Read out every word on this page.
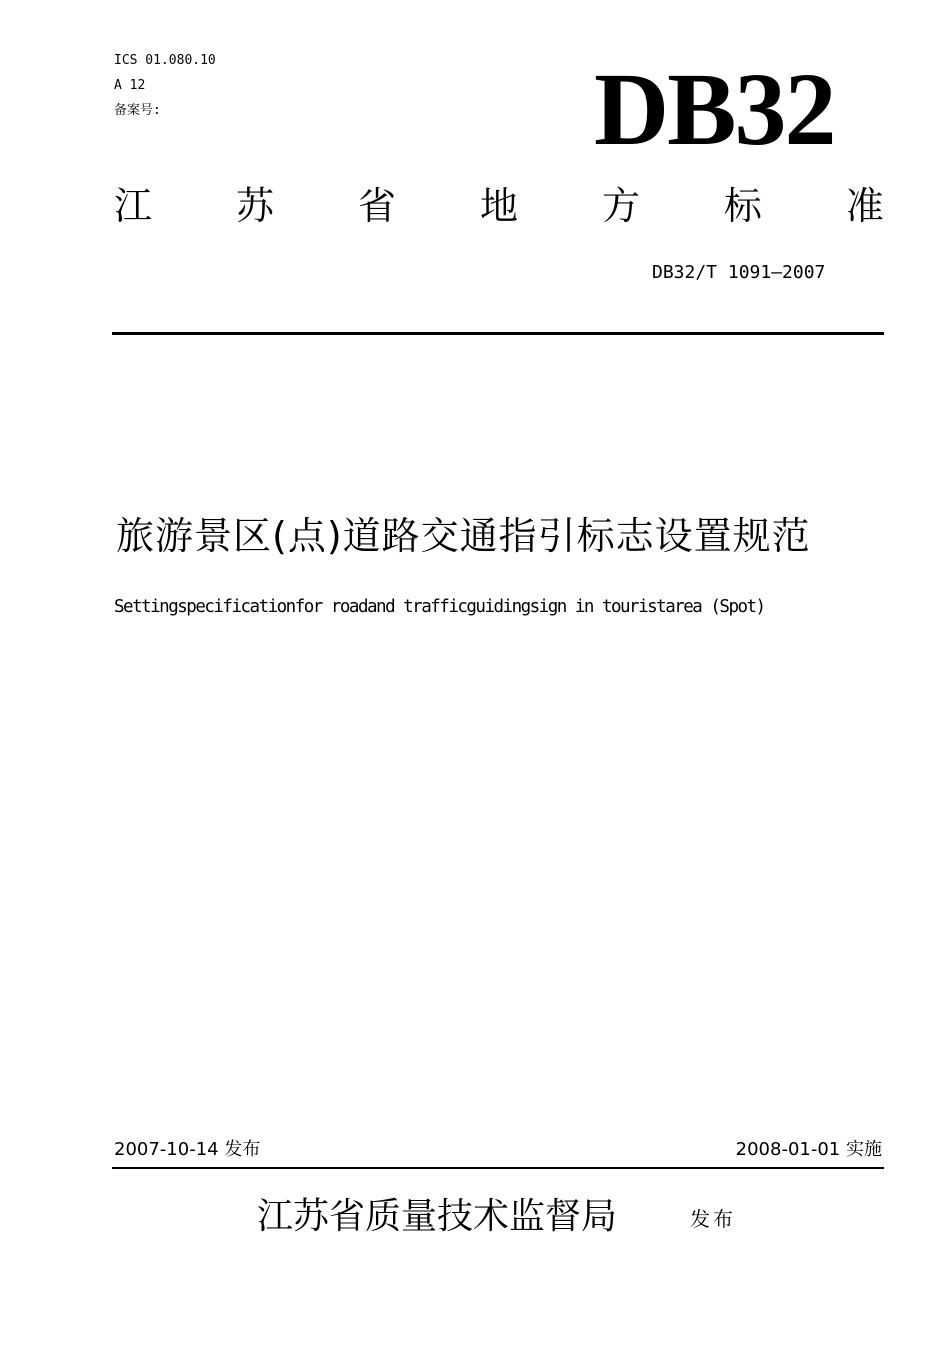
ICS 01.080.10
A 12
备案号:	DB32
江 苏 省 地 方 标 准
DB32/T 1091—2007
旅游景区(点)道路交通指引标志设置规范
Settingspecificationfor roadand trafficguidingsign in touristarea (Spot)
2007-10-14 发布	2008-01-01 实施
江苏省质量技术监督局	发布
